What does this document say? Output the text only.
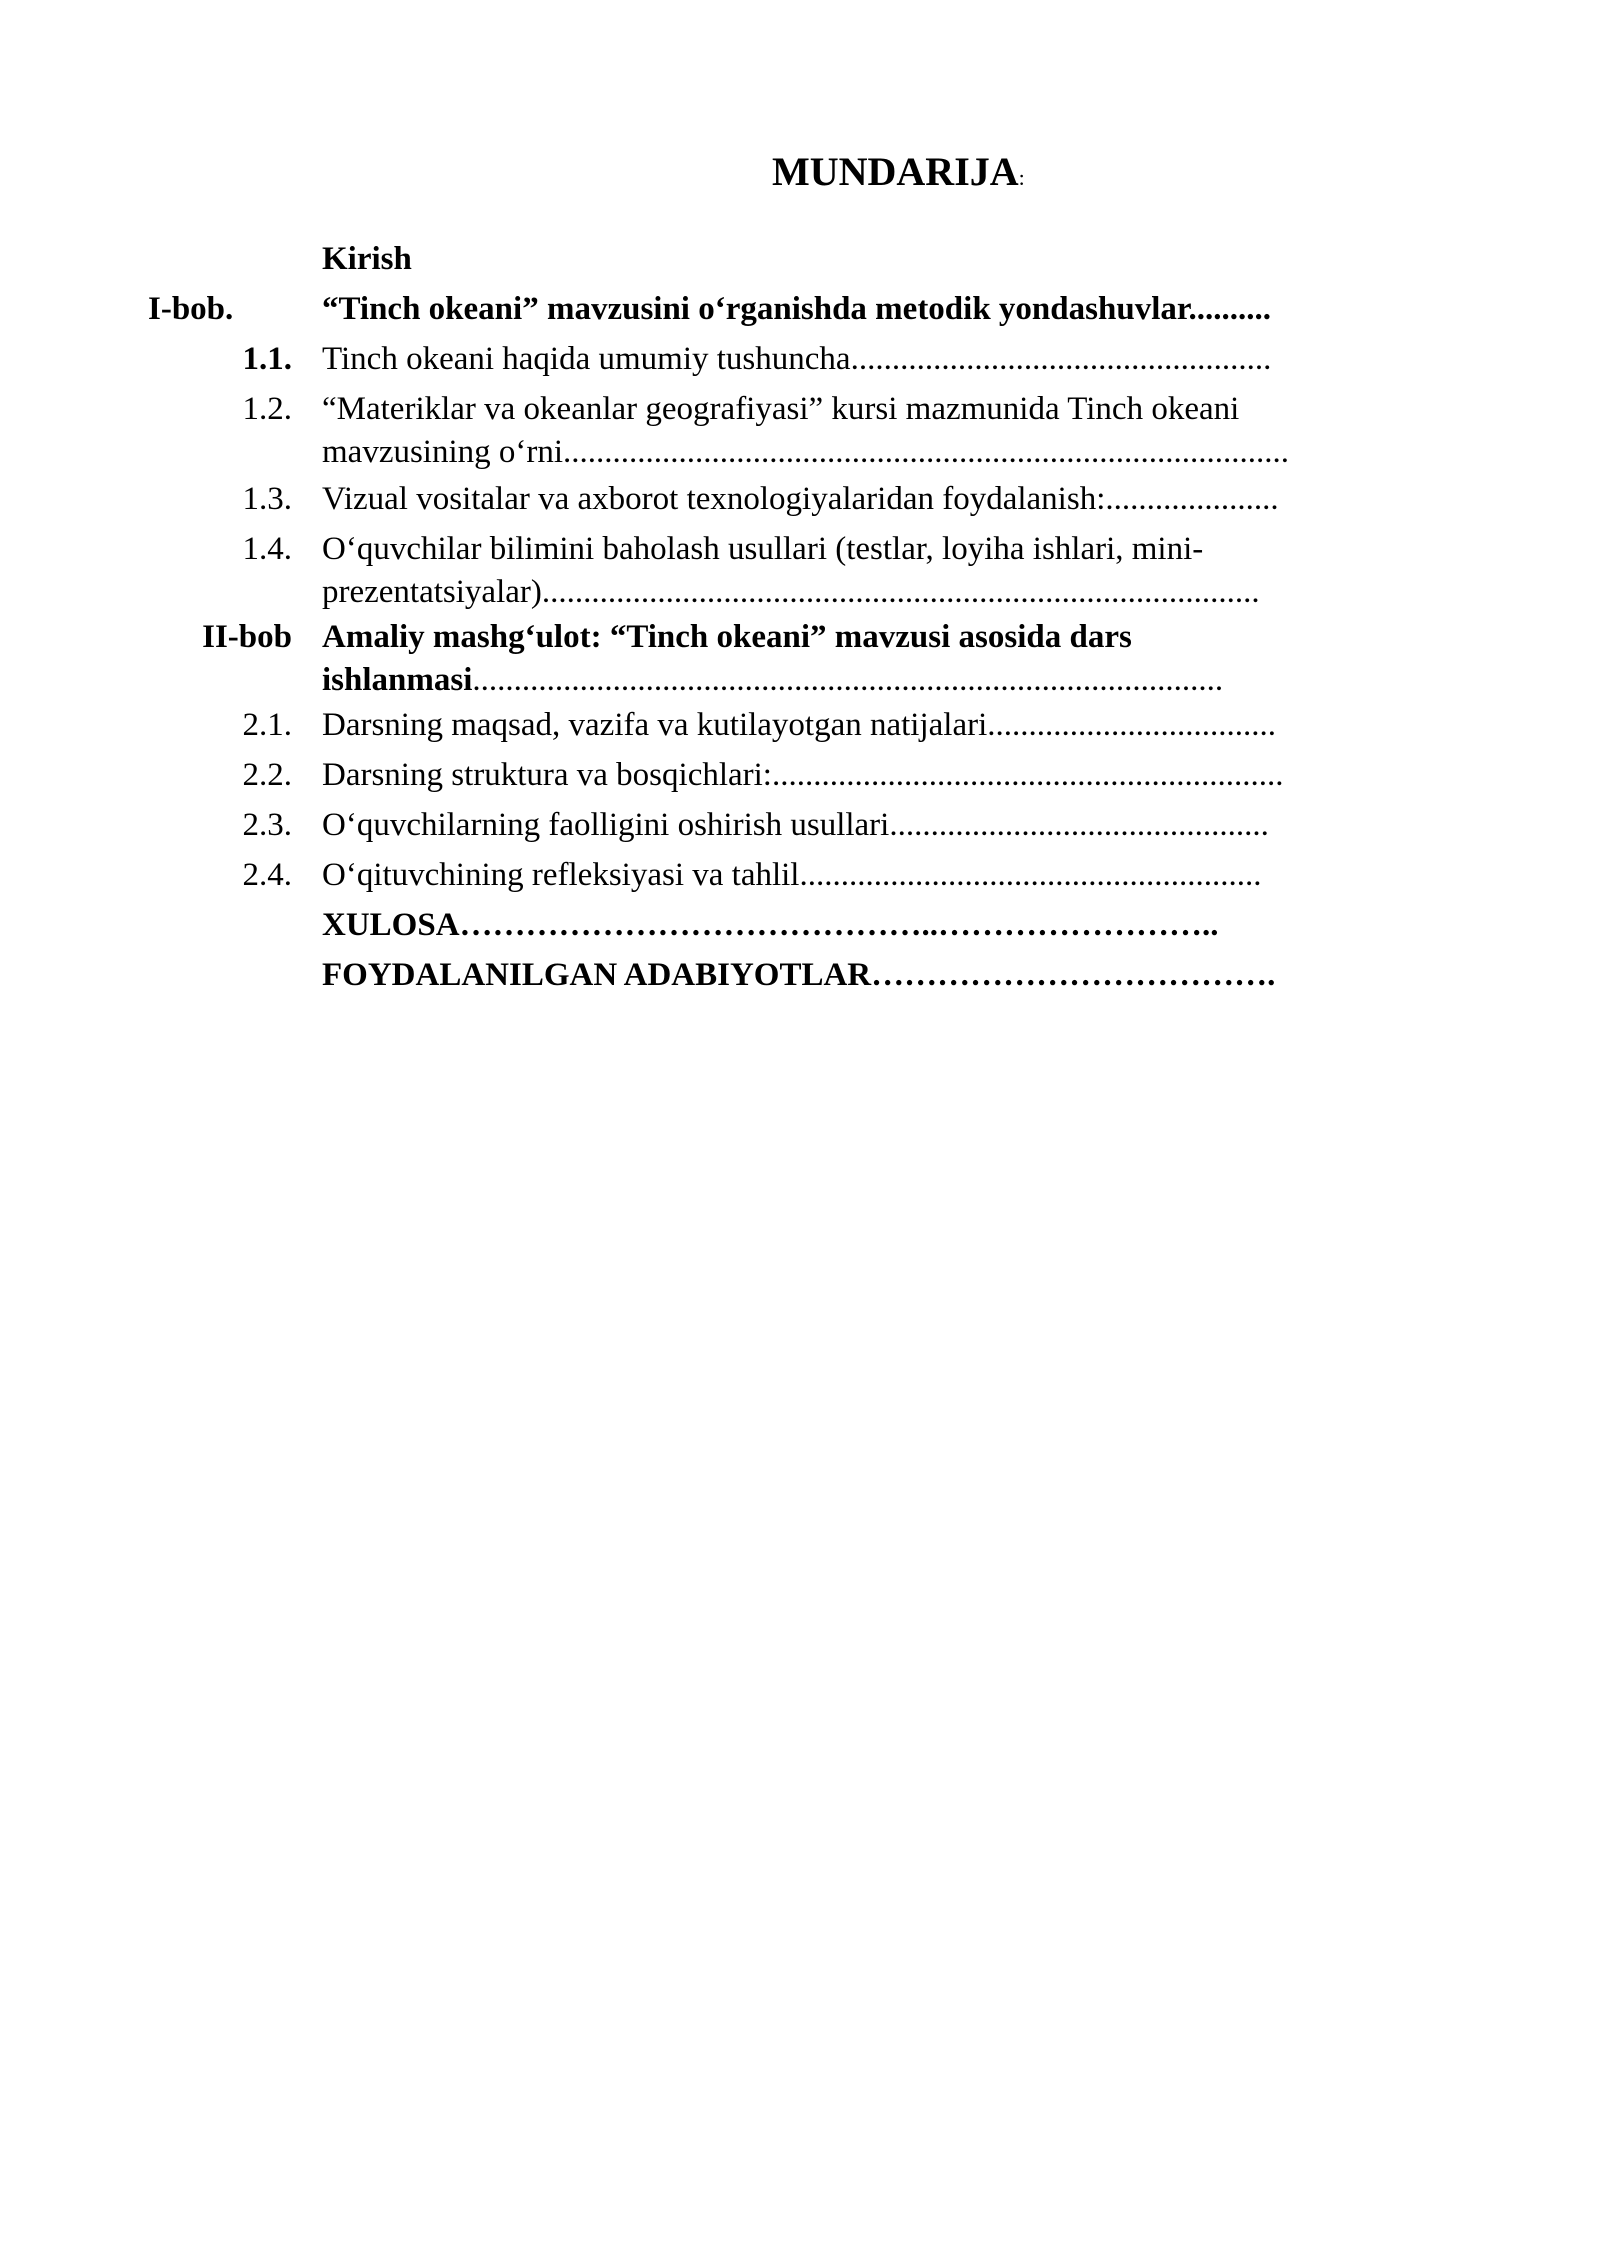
MUNDARIJA:
Kirish
I-bob.	“Tinch okeani” mavzusini o‘rganishda metodik yondashuvlar..........
1.1. Tinch okeani haqida umumiy tushuncha...................................................
1.2. “Materiklar va okeanlar geografiyasi” kursi mazmunida Tinch okeani
mavzusining o‘rni........................................................................................
1.3. Vizual vositalar va axborot texnologiyalaridan foydalanish:.....................
1.4. O‘quvchilar bilimini baholash usullari (testlar, loyiha ishlari, mini-
prezentatsiyalar).......................................................................................
II-bob Amaliy mashg‘ulot: “Tinch okeani” mavzusi asosida dars
ishlanmasi...........................................................................................
2.1. Darsning maqsad, vazifa va kutilayotgan natijalari...................................
2.2. Darsning struktura va bosqichlari:..............................................................
2.3. O‘quvchilarning faolligini oshirish usullari..............................................
2.4. O‘qituvchining refleksiyasi va tahlil........................................................
XULOSA……………………………………..……………………..
FOYDALANILGAN ADABIYOTLAR……………………………….
